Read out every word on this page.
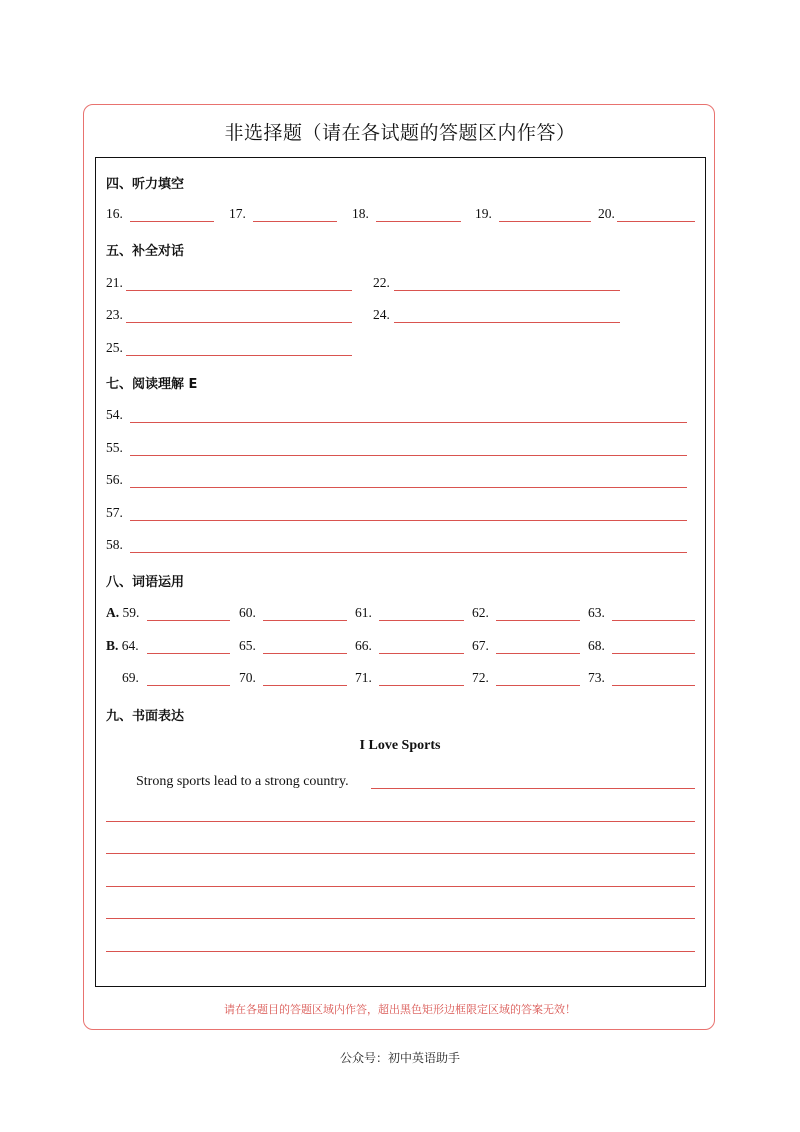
非选择题（请在各试题的答题区内作答）
四、听力填空
16.	17.	18.	19.	20.
五、补全对话
21.	22.
23.	24.
25.
七、阅读理解 E
54.
55.
56.
57.
58.
八、词语运用
A. 59.	60.	61.	62.	63.
B. 64.	65.	66.	67.	68.
69.	70.	71.	72.	73.
九、书面表达
I Love Sports
Strong sports lead to a strong country.
请在各题目的答题区域内作答，超出黑色矩形边框限定区域的答案无效！
公众号：初中英语助手
